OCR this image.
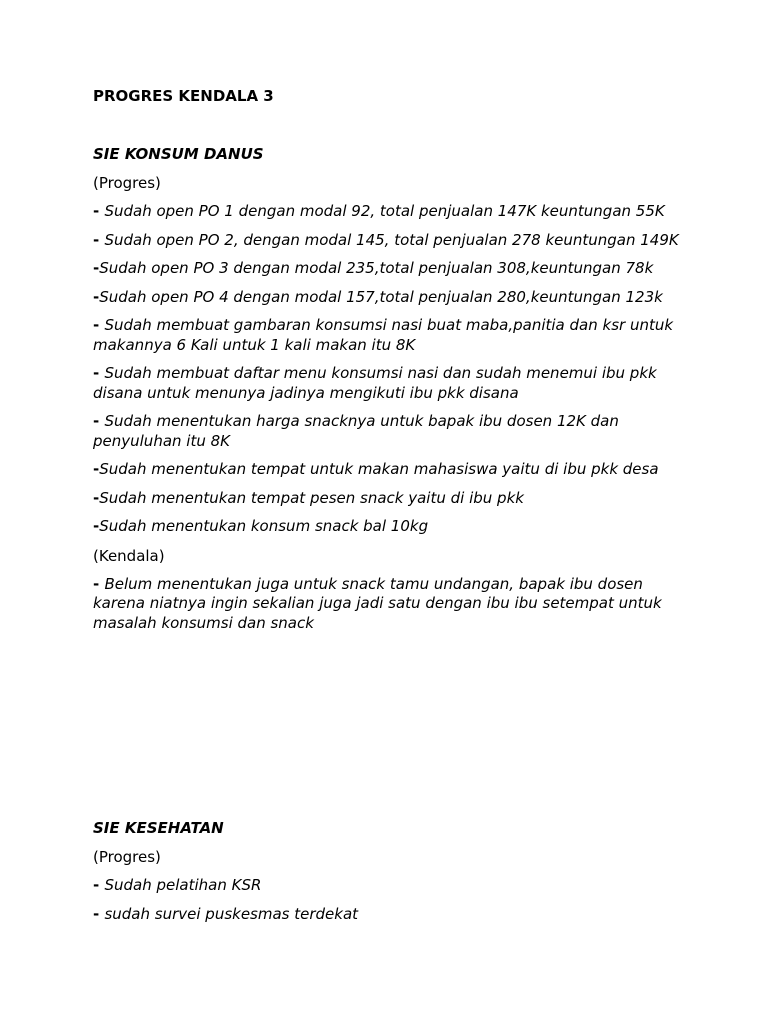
PROGRES KENDALA 3

SIE KONSUM DANUS

(Progres)

- Sudah open PO 1 dengan modal 92, total penjualan 147K keuntungan 55K

- Sudah open PO 2, dengan modal 145, total penjualan 278 keuntungan 149K

-Sudah open PO 3 dengan modal 235,total penjualan 308,keuntungan 78k

-Sudah open PO 4 dengan modal 157,total penjualan 280,keuntungan 123k

- Sudah membuat gambaran konsumsi nasi buat maba,panitia dan ksr untuk makannya 6 Kali untuk 1 kali makan itu 8K

- Sudah membuat daftar menu konsumsi nasi dan sudah menemui ibu pkk disana untuk menunya jadinya mengikuti ibu pkk disana

- Sudah menentukan harga snacknya untuk bapak ibu dosen 12K dan penyuluhan itu 8K

-Sudah menentukan tempat untuk makan mahasiswa yaitu di ibu pkk desa

-Sudah menentukan tempat pesen snack yaitu di ibu pkk

-Sudah menentukan konsum snack bal 10kg

(Kendala)

- Belum menentukan juga untuk snack tamu undangan, bapak ibu dosen karena niatnya ingin sekalian juga jadi satu dengan ibu ibu setempat untuk masalah konsumsi dan snack

SIE KESEHATAN

(Progres)

- Sudah pelatihan KSR

- sudah survei puskesmas terdekat
